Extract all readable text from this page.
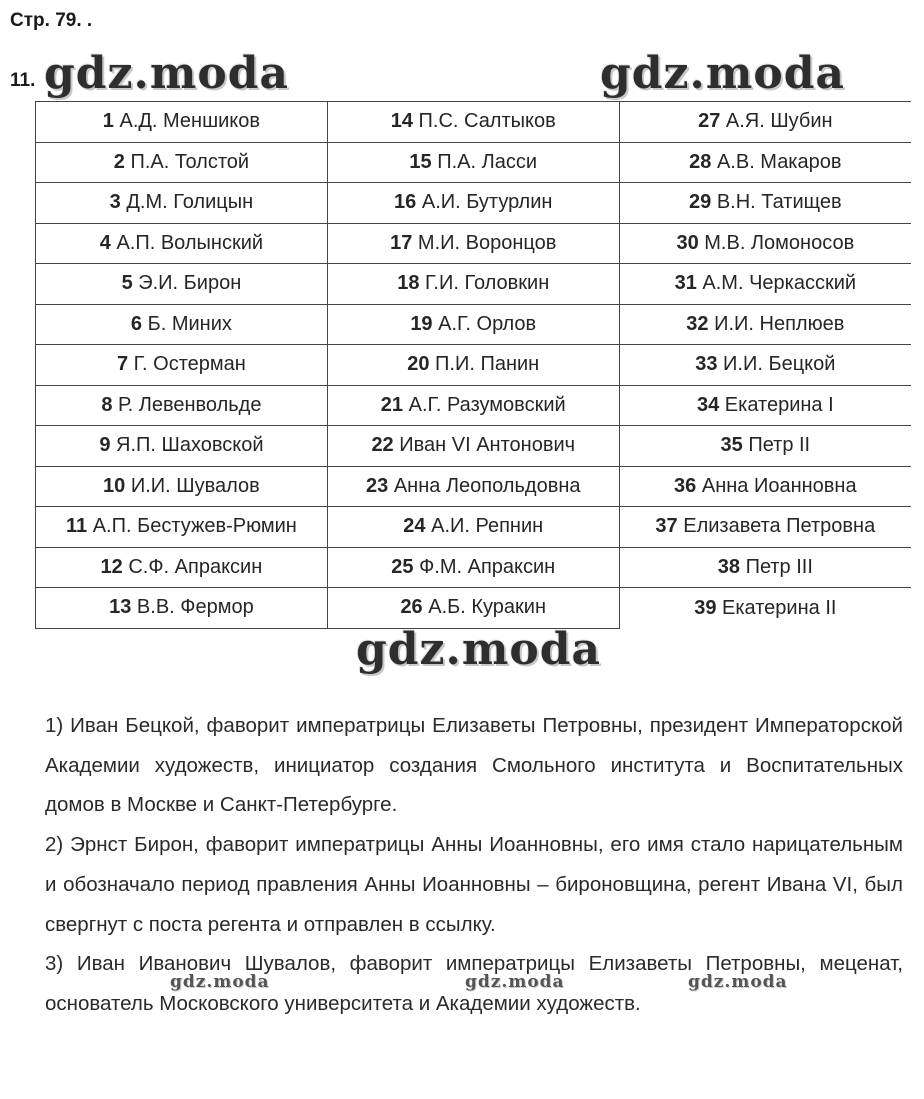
Стр. 79. .
11. gdz.moda	gdz.moda
1 А.Д. Меншиков	14 П.С. Салтыков	27 А.Я. Шубин
2 П.А. Толстой	15 П.А. Ласси	28 А.В. Макаров
3 Д.М. Голицын	16 А.И. Бутурлин	29 В.Н. Татищев
4 А.П. Волынский	17 М.И. Воронцов	30 М.В. Ломоносов
5 Э.И. Бирон	18 Г.И. Головкин	31 А.М. Черкасский
6 Б. Миних	19 А.Г. Орлов	32 И.И. Неплюев
7 Г. Остерман	20 П.И. Панин	33 И.И. Бецкой
8 Р. Левенвольде	21 А.Г. Разумовский	34 Екатерина I
9 Я.П. Шаховской	22 Иван VI Антонович	35 Петр II
10 И.И. Шувалов	23 Анна Леопольдовна	36 Анна Иоанновна
11 А.П. Бестужев-Рюмин	24 А.И. Репнин	37 Елизавета Петровна
12 С.Ф. Апраксин	25 Ф.М. Апраксин	38 Петр III
13 В.В. Фермор	26 А.Б. Куракин	39 Екатерина II
gdz.moda

1) Иван Бецкой, фаворит императрицы Елизаветы Петровны, президент Императорской Академии художеств, инициатор создания Смольного института и Воспитательных домов в Москве и Санкт-Петербурге.

2) Эрнст Бирон, фаворит императрицы Анны Иоанновны, его имя стало нарицательным и обозначало период правления Анны Иоанновны – бироновщина, регент Ивана VI, был свергнут с поста регента и отправлен в ссылку.

3) Иван Иванович Шувалов, фаворит императрицы Елизаветы Петровны, меценат, основатель Московского университета и Академии художеств.

gdz.moda	gdz.moda	gdz.moda
